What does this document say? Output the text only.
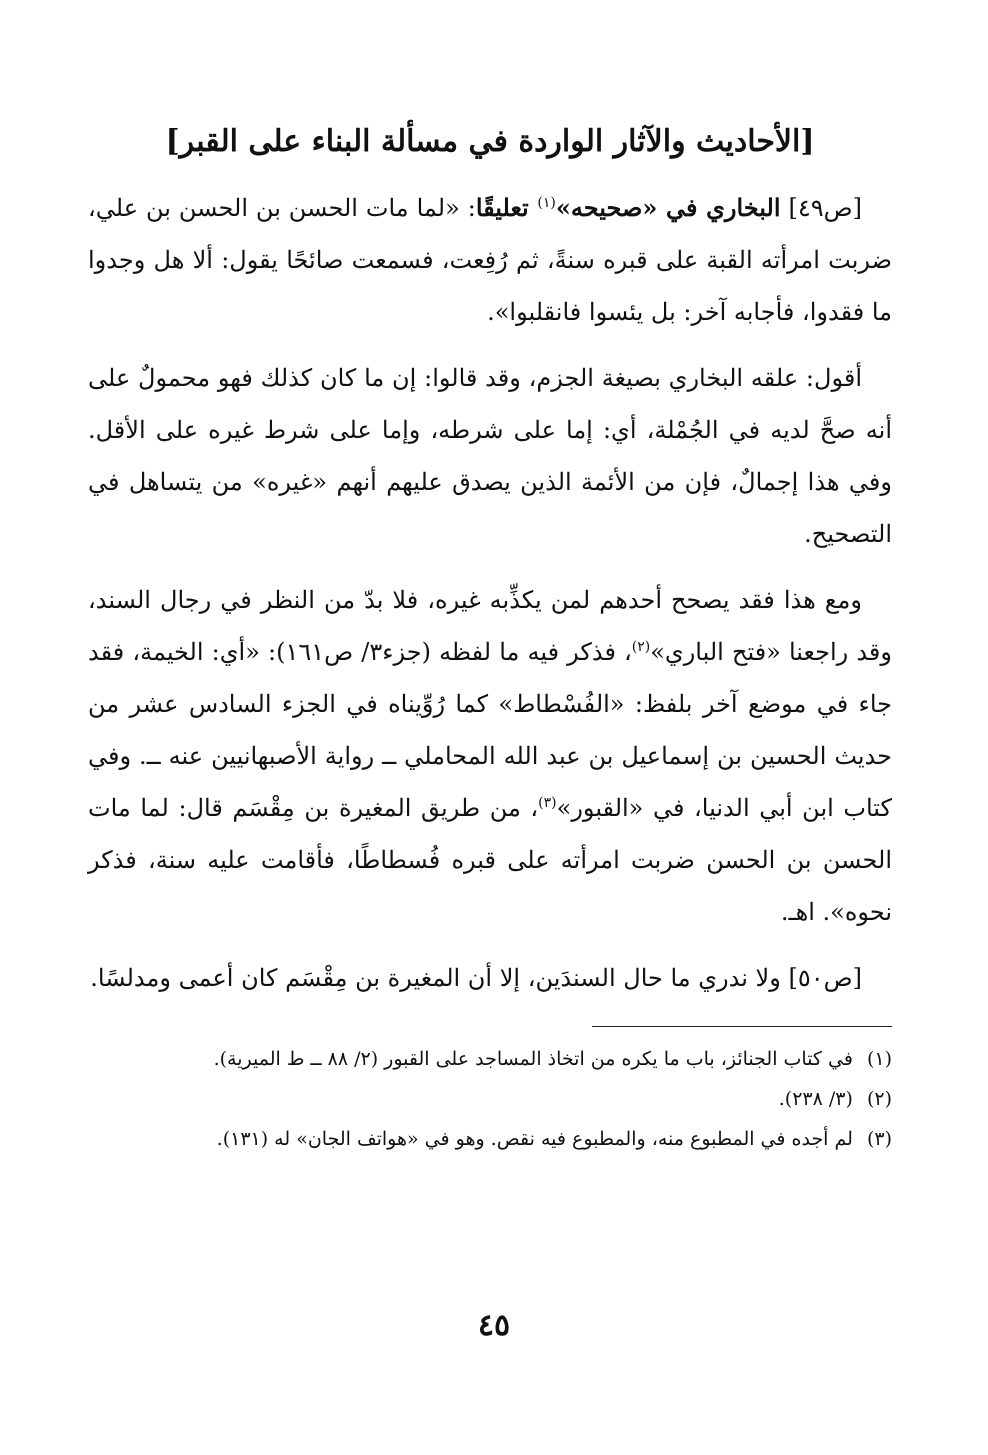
[الأحاديث والآثار الواردة في مسألة البناء على القبر]

[ص٤٩] البخاري في «صحيحه»$^{(١)}$ تعليقًا: «لما مات الحسن بن الحسن بن علي، ضربت امرأته القبة على قبره سنةً، ثم رُفِعت، فسمعت صائحًا يقول: ألا هل وجدوا ما فقدوا، فأجابه آخر: بل يئسوا فانقلبوا».

أقول: علقه البخاري بصيغة الجزم، وقد قالوا: إن ما كان كذلك فهو محمولٌ على أنه صحَّ لديه في الجُمْلة، أي: إما على شرطه، وإما على شرط غيره على الأقل. وفي هذا إجمالٌ، فإن من الأئمة الذين يصدق عليهم أنهم «غيره» من يتساهل في التصحيح.

ومع هذا فقد يصحح أحدهم لمن يكذِّبه غيره، فلا بدّ من النظر في رجال السند، وقد راجعنا «فتح الباري»$^{(٢)}$، فذكر فيه ما لفظه (جزء٣/ ص١٦١): «أي: الخيمة، فقد جاء في موضع آخر بلفظ: «الفُسْطاط» كما رُوِّيناه في الجزء السادس عشر من حديث الحسين بن إسماعيل بن عبد الله المحاملي ــ رواية الأصبهانيين عنه ــ. وفي كتاب ابن أبي الدنيا، في «القبور»$^{(٣)}$، من طريق المغيرة بن مِقْسَم قال: لما مات الحسن بن الحسن ضربت امرأته على قبره فُسطاطًا، فأقامت عليه سنة، فذكر نحوه». اهـ.

[ص٥٠] ولا ندري ما حال السندَين، إلا أن المغيرة بن مِقْسَم كان أعمى ومدلسًا.

(١)
في كتاب الجنائز، باب ما يكره من اتخاذ المساجد على القبور (٢/ ٨٨ ــ ط الميرية).
(٢)
(٣/ ٢٣٨).
(٣)
لم أجده في المطبوع منه، والمطبوع فيه نقص. وهو في «هواتف الجان» له (١٣١).
٤٥
